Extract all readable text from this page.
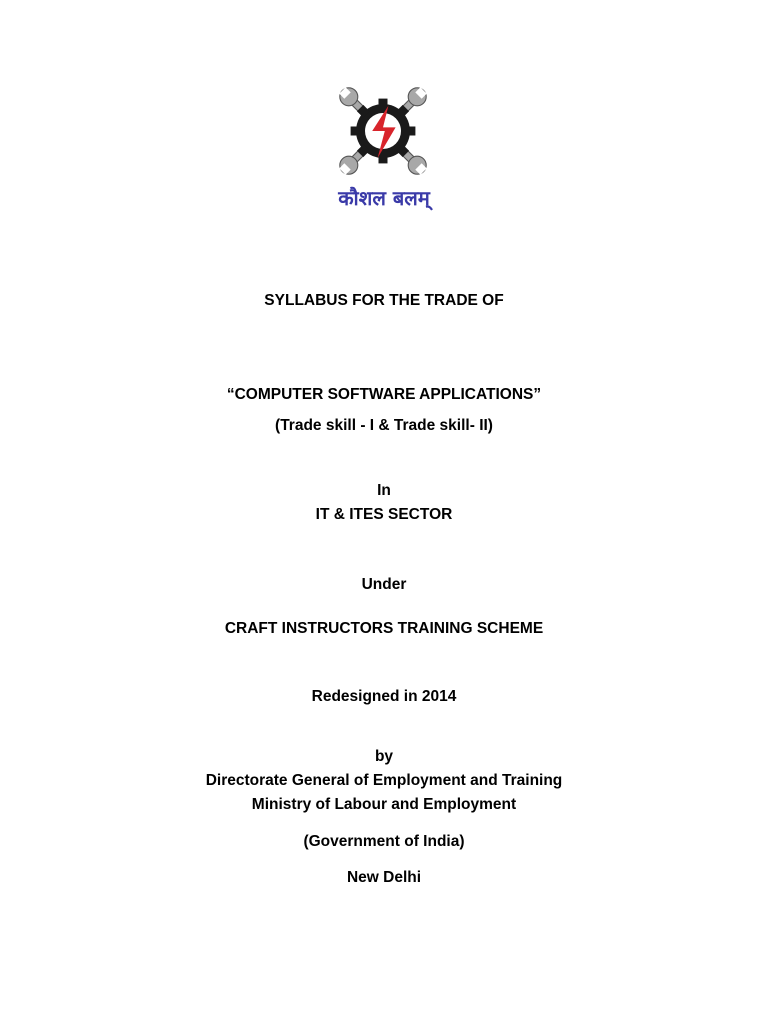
कौशल बलम्
SYLLABUS FOR THE TRADE OF
“COMPUTER SOFTWARE APPLICATIONS”
(Trade skill - I & Trade skill- II)
In
IT & ITES SECTOR
Under
CRAFT INSTRUCTORS TRAINING SCHEME
Redesigned in 2014
by
Directorate General of Employment and Training
Ministry of Labour and Employment
(Government of India)
New Delhi
